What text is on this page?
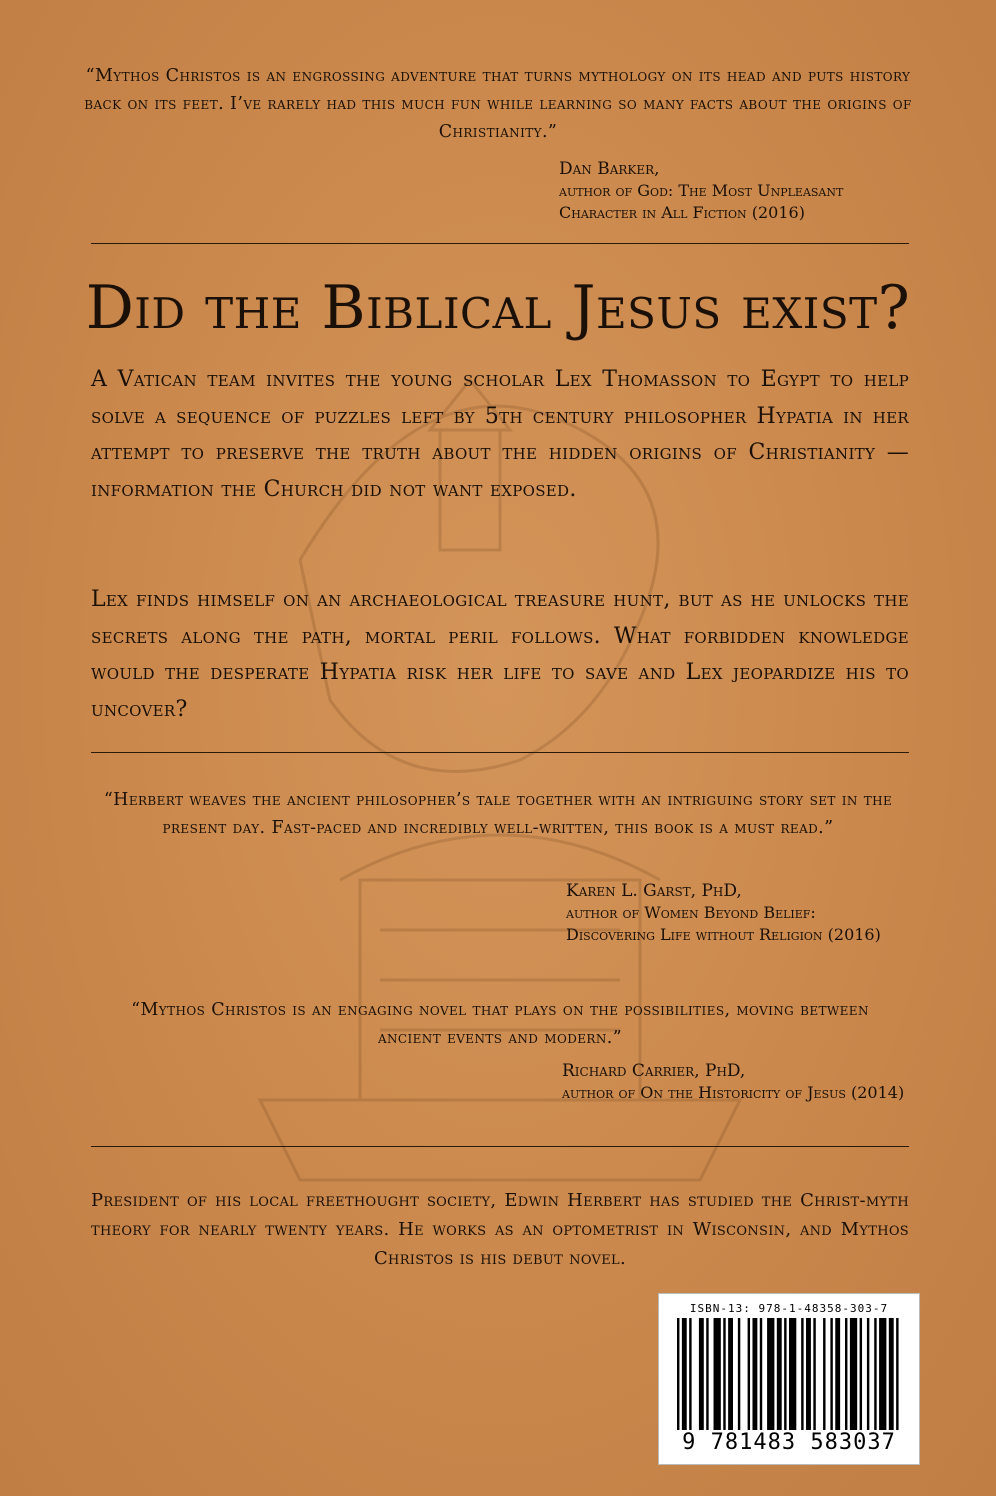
“Mythos Christos is an engrossing adventure that turns mythology on its head and puts history back on its feet. I’ve rarely had this much fun while learning so many facts about the origins of Christianity.”
Dan Barker,
author of God: The Most Unpleasant
Character in All Fiction (2016)
Did the Biblical Jesus exist?

A Vatican team invites the young scholar Lex Thomasson to Egypt to help solve a sequence of puzzles left by 5th century philosopher Hypatia in her attempt to preserve the truth about the hidden origins of Christianity — information the Church did not want exposed.

Lex finds himself on an archaeological treasure hunt, but as he unlocks the secrets along the path, mortal peril follows. What forbidden knowledge would the desperate Hypatia risk her life to save and Lex jeopardize his to uncover?

“Herbert weaves the ancient philosopher’s tale together with an intriguing story set in the present day. Fast-paced and incredibly well-written, this book is a must read.”
Karen L. Garst, PhD,
author of Women Beyond Belief:
Discovering Life without Religion (2016)
“Mythos Christos is an engaging novel that plays on the possibilities, moving between ancient events and modern.”
Richard Carrier, PhD,
author of On the Historicity of Jesus (2014)
President of his local freethought society, Edwin Herbert has studied the Christ-myth theory for nearly twenty years. He works as an optometrist in Wisconsin, and Mythos Christos is his debut novel.
ISBN-13: 978-1-48358-303-7
9 781483 583037
